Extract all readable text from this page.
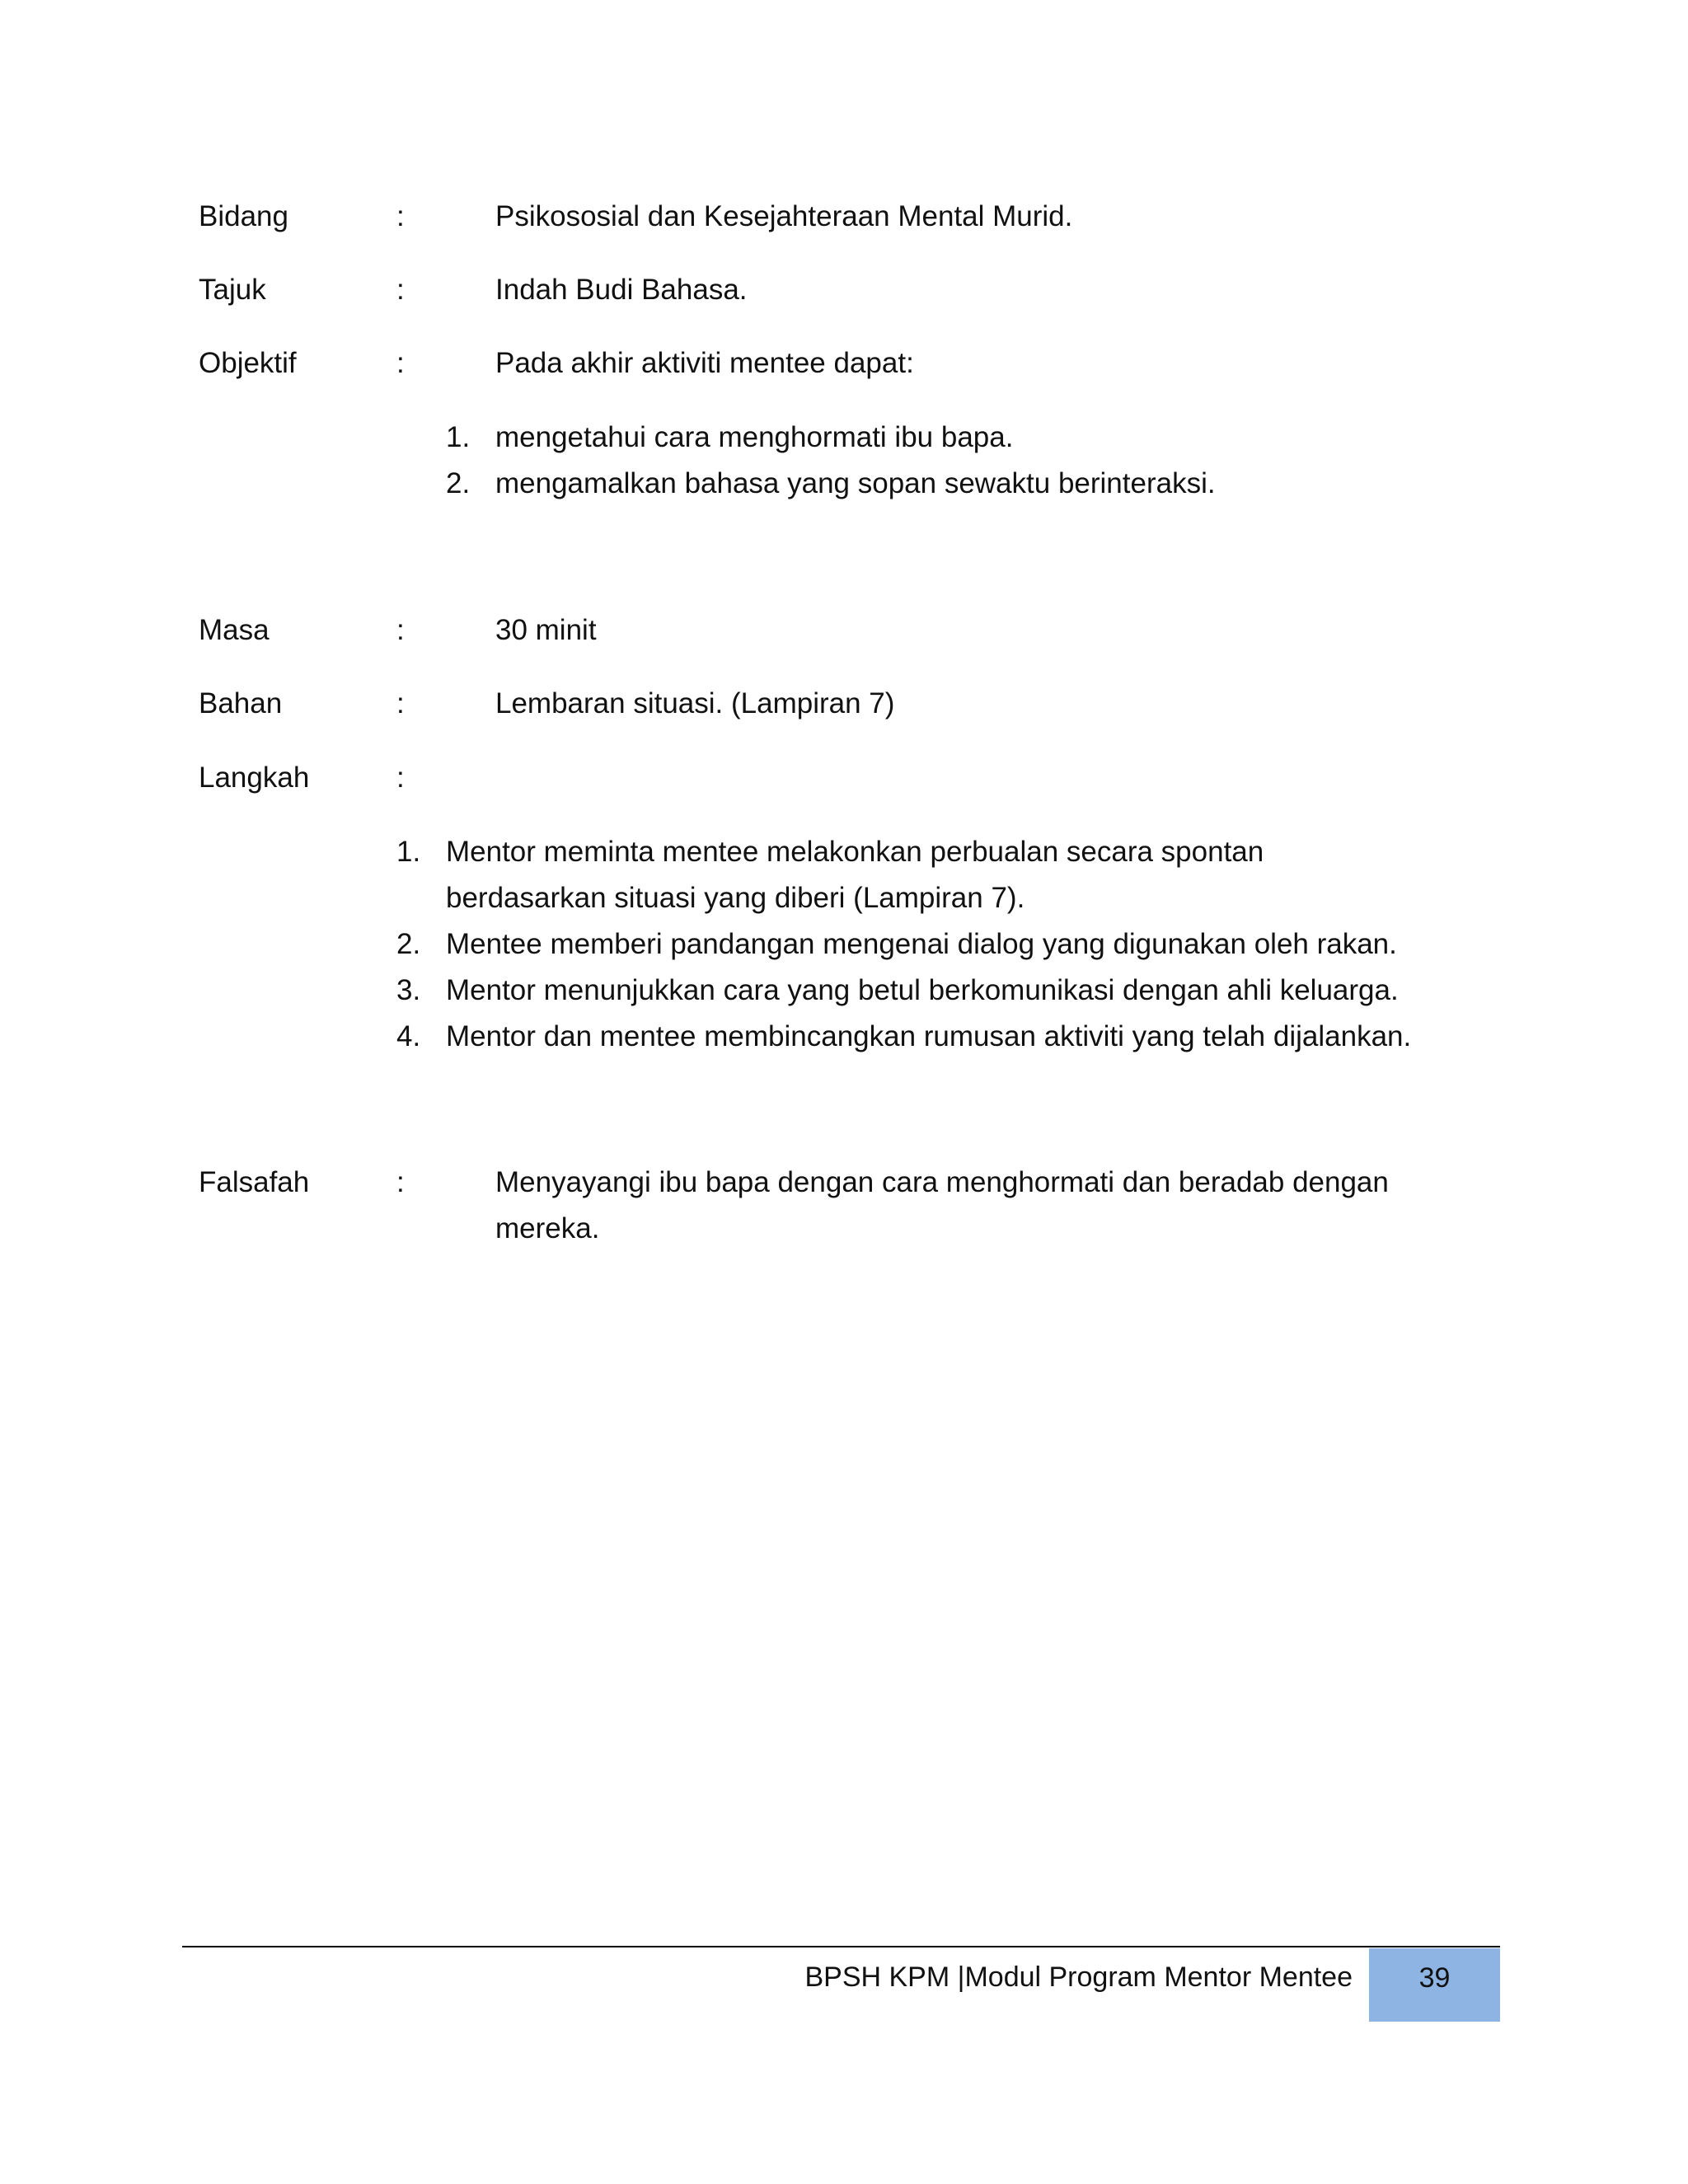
Bidang	:	Psikososial dan Kesejahteraan Mental Murid.
Tajuk	:	Indah Budi Bahasa.
Objektif	:	Pada akhir aktiviti mentee dapat:
1. mengetahui cara menghormati ibu bapa.
2. mengamalkan bahasa yang sopan sewaktu berinteraksi.
Masa	:	30 minit
Bahan	:	Lembaran situasi. (Lampiran 7)
Langkah	:
1. Mentor meminta mentee melakonkan perbualan secara spontan
berdasarkan situasi yang diberi (Lampiran 7).
2. Mentee memberi pandangan mengenai dialog yang digunakan oleh rakan.
3. Mentor menunjukkan cara yang betul berkomunikasi dengan ahli keluarga.
4. Mentor dan mentee membincangkan rumusan aktiviti yang telah dijalankan.
Falsafah	:	Menyayangi ibu bapa dengan cara menghormati dan beradab dengan
mereka.
BPSH KPM |Modul Program Mentor Mentee	39
